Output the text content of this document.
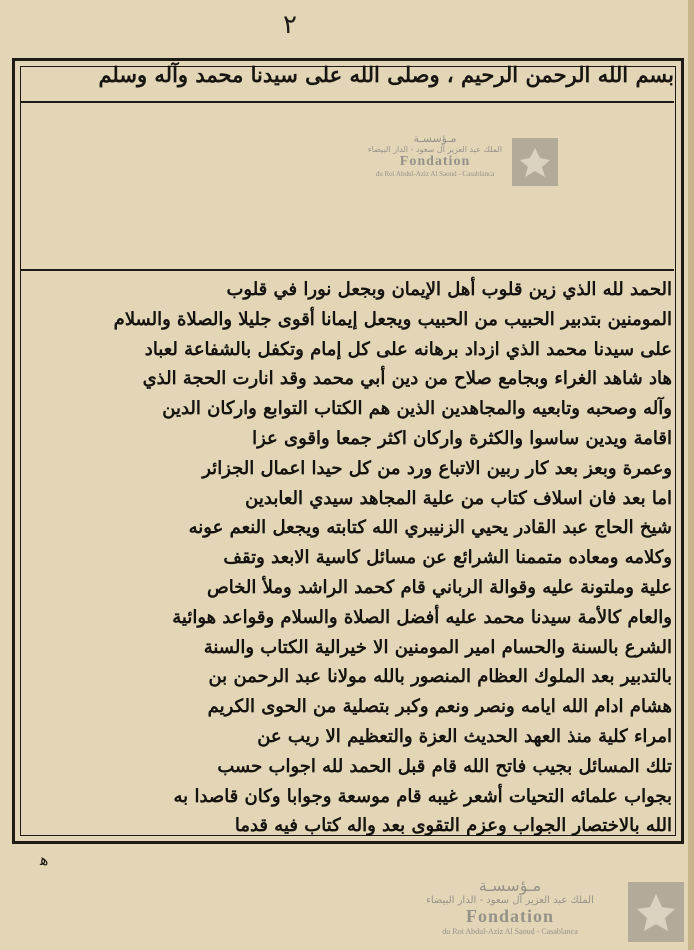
٢
بسم الله الرحمن الرحيم ، وصلى الله على سيدنا محمد وآله وسلم
مـؤسسـة
الملك عبد العزيز آل سعود - الدار البيضاء
Fondation
du Roi Abdul-Aziz Al Saoud - Casablanca
الحمد لله الذي زين قلوب أهل الإيمان وبجعل نورا في قلوب
المومنين بتدبير الحبيب من الحبيب ويجعل إيمانا أقوى جليلا والصلاة والسلام
على سيدنا محمد الذي ازداد برهانه على كل إمام وتكفل بالشفاعة لعباد
هاد شاهد الغراء وبجامع صلاح من دين أبي محمد وقد انارت الحجة الذي
وآله وصحبه وتابعيه والمجاهدين الذين هم الكتاب التوابع واركان الدين
اقامة ويدين ساسوا والكثرة واركان اكثر جمعا واقوى عزا
وعمرة وبعز بعد كار ربين الاتباع ورد من كل حيدا اعمال الجزائر
اما بعد فان اسلاف كتاب من علية المجاهد سيدي العابدين
شيخ الحاج عبد القادر يحيي الزنيبري الله كتابته ويجعل النعم عونه
وكلامه ومعاده متممنا الشرائع عن مسائل كاسية الابعد وتقف
علية وملتونة عليه وقوالة الرباني قام كحمد الراشد وملأ الخاص
والعام كالأمة سيدنا محمد عليه أفضل الصلاة والسلام وقواعد هوائية
الشرع بالسنة والحسام امير المومنين الا خيرالية الكتاب والسنة
بالتدبير بعد الملوك العظام المنصور بالله مولانا عبد الرحمن بن
هشام ادام الله ايامه ونصر ونعم وكبر بتصلية من الحوى الكريم
امراء كلية منذ العهد الحديث العزة والتعظيم الا ريب عن
تلك المسائل بجيب فاتح الله قام قبل الحمد لله اجواب حسب
بجواب علمائه التحيات أشعر غيبه قام موسعة وجوابا وكان قاصدا به
الله بالاختصار الجواب وعزم التقوى بعد واله كتاب فيه قدما
ﻫ
مـؤسسـة
الملك عبد العزيز آل سعود - الدار البيضاء
Fondation
du Roi Abdul-Aziz Al Saoud - Casablanca
